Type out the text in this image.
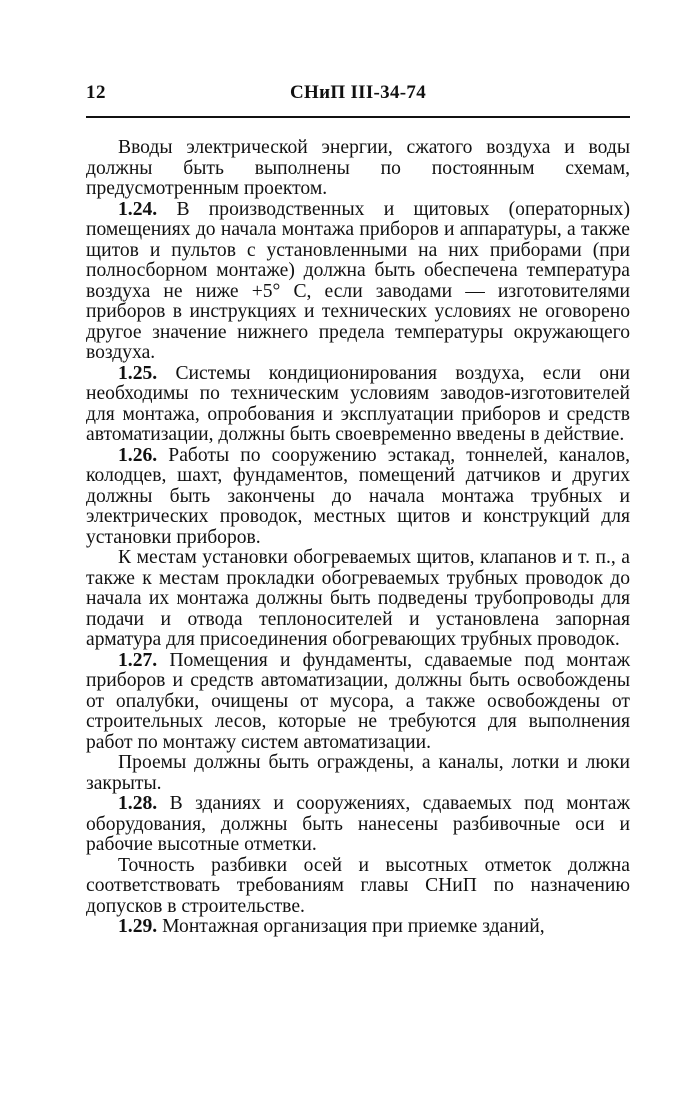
12	СНиП III-34-74

Вводы электрической энергии, сжатого воздуха и воды должны быть выполнены по постоянным схемам, предусмотренным проектом.

1.24. В производственных и щитовых (операторных) помещениях до начала монтажа приборов и аппаратуры, а также щитов и пультов с установленными на них приборами (при полносборном монтаже) должна быть обеспечена температура воздуха не ниже +5° С, если заводами — изготовителями приборов в инструкциях и технических условиях не оговорено другое значение нижнего предела температуры окружающего воздуха.

1.25. Системы кондиционирования воздуха, если они необходимы по техническим условиям заводов-изготовителей для монтажа, опробования и эксплуатации приборов и средств автоматизации, должны быть своевременно введены в действие.

1.26. Работы по сооружению эстакад, тоннелей, каналов, колодцев, шахт, фундаментов, помещений датчиков и других должны быть закончены до начала монтажа трубных и электрических проводок, местных щитов и конструкций для установки приборов.

К местам установки обогреваемых щитов, клапанов и т. п., а также к местам прокладки обогреваемых трубных проводок до начала их монтажа должны быть подведены трубопроводы для подачи и отвода теплоносителей и установлена запорная арматура для присоединения обогревающих трубных проводок.

1.27. Помещения и фундаменты, сдаваемые под монтаж приборов и средств автоматизации, должны быть освобождены от опалубки, очищены от мусора, а также освобождены от строительных лесов, которые не требуются для выполнения работ по монтажу систем автоматизации.

Проемы должны быть ограждены, а каналы, лотки и люки закрыты.

1.28. В зданиях и сооружениях, сдаваемых под монтаж оборудования, должны быть нанесены разбивочные оси и рабочие высотные отметки.

Точность разбивки осей и высотных отметок должна соответствовать требованиям главы СНиП по назначению допусков в строительстве.

1.29. Монтажная организация при приемке зданий,
